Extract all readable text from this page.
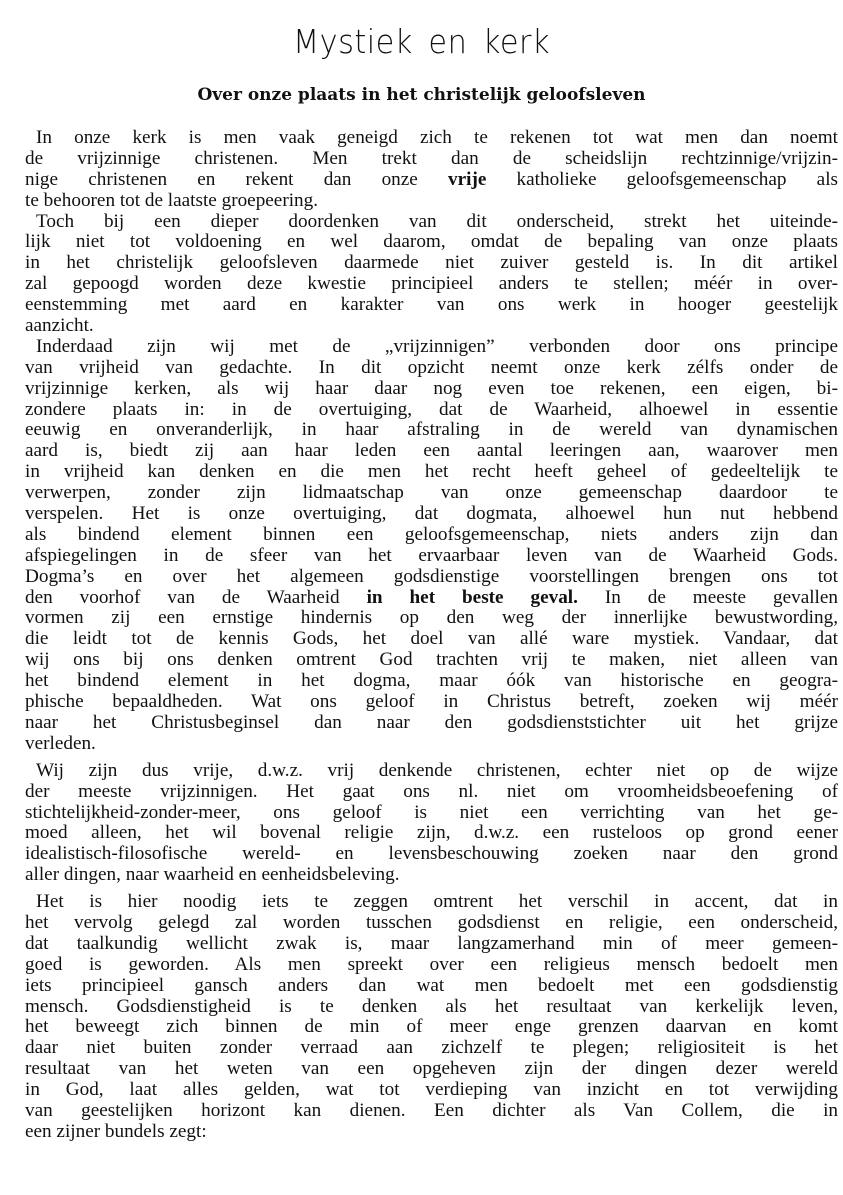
Mystiek en kerk
Over onze plaats in het christelijk geloofsleven
In onze kerk is men vaak geneigd zich te rekenen tot wat men dan noemt
de vrijzinnige christenen. Men trekt dan de scheidslijn rechtzinnige/vrijzin-
nige christenen en rekent dan onze vrije katholieke geloofsgemeenschap als
te behooren tot de laatste groepeering.
Toch bij een dieper doordenken van dit onderscheid, strekt het uiteinde-
lijk niet tot voldoening en wel daarom, omdat de bepaling van onze plaats
in het christelijk geloofsleven daarmede niet zuiver gesteld is. In dit artikel
zal gepoogd worden deze kwestie principieel anders te stellen; méér in over-
eenstemming met aard en karakter van ons werk in hooger geestelijk
aanzicht.
Inderdaad zijn wij met de „vrijzinnigen” verbonden door ons principe
van vrijheid van gedachte. In dit opzicht neemt onze kerk zélfs onder de
vrijzinnige kerken, als wij haar daar nog even toe rekenen, een eigen, bi-
zondere plaats in: in de overtuiging, dat de Waarheid, alhoewel in essentie
eeuwig en onveranderlijk, in haar afstraling in de wereld van dynamischen
aard is, biedt zij aan haar leden een aantal leeringen aan, waarover men
in vrijheid kan denken en die men het recht heeft geheel of gedeeltelijk te
verwerpen, zonder zijn lidmaatschap van onze gemeenschap daardoor te
verspelen. Het is onze overtuiging, dat dogmata, alhoewel hun nut hebbend
als bindend element binnen een geloofsgemeenschap, niets anders zijn dan
afspiegelingen in de sfeer van het ervaarbaar leven van de Waarheid Gods.
Dogma’s en over het algemeen godsdienstige voorstellingen brengen ons tot
den voorhof van de Waarheid in het beste geval. In de meeste gevallen
vormen zij een ernstige hindernis op den weg der innerlijke bewustwording,
die leidt tot de kennis Gods, het doel van allé ware mystiek. Vandaar, dat
wij ons bij ons denken omtrent God trachten vrij te maken, niet alleen van
het bindend element in het dogma, maar óók van historische en geogra-
phische bepaaldheden. Wat ons geloof in Christus betreft, zoeken wij méér
naar het Christusbeginsel dan naar den godsdienststichter uit het grijze
verleden.
Wij zijn dus vrije, d.w.z. vrij denkende christenen, echter niet op de wijze
der meeste vrijzinnigen. Het gaat ons nl. niet om vroomheidsbeoefening of
stichtelijkheid-zonder-meer, ons geloof is niet een verrichting van het ge-
moed alleen, het wil bovenal religie zijn, d.w.z. een rusteloos op grond eener
idealistisch-filosofische wereld- en levensbeschouwing zoeken naar den grond
aller dingen, naar waarheid en eenheidsbeleving.
Het is hier noodig iets te zeggen omtrent het verschil in accent, dat in
het vervolg gelegd zal worden tusschen godsdienst en religie, een onderscheid,
dat taalkundig wellicht zwak is, maar langzamerhand min of meer gemeen-
goed is geworden. Als men spreekt over een religieus mensch bedoelt men
iets principieel gansch anders dan wat men bedoelt met een godsdienstig
mensch. Godsdienstigheid is te denken als het resultaat van kerkelijk leven,
het beweegt zich binnen de min of meer enge grenzen daarvan en komt
daar niet buiten zonder verraad aan zichzelf te plegen; religiositeit is het
resultaat van het weten van een opgeheven zijn der dingen dezer wereld
in God, laat alles gelden, wat tot verdieping van inzicht en tot verwijding
van geestelijken horizont kan dienen. Een dichter als Van Collem, die in
een zijner bundels zegt:
